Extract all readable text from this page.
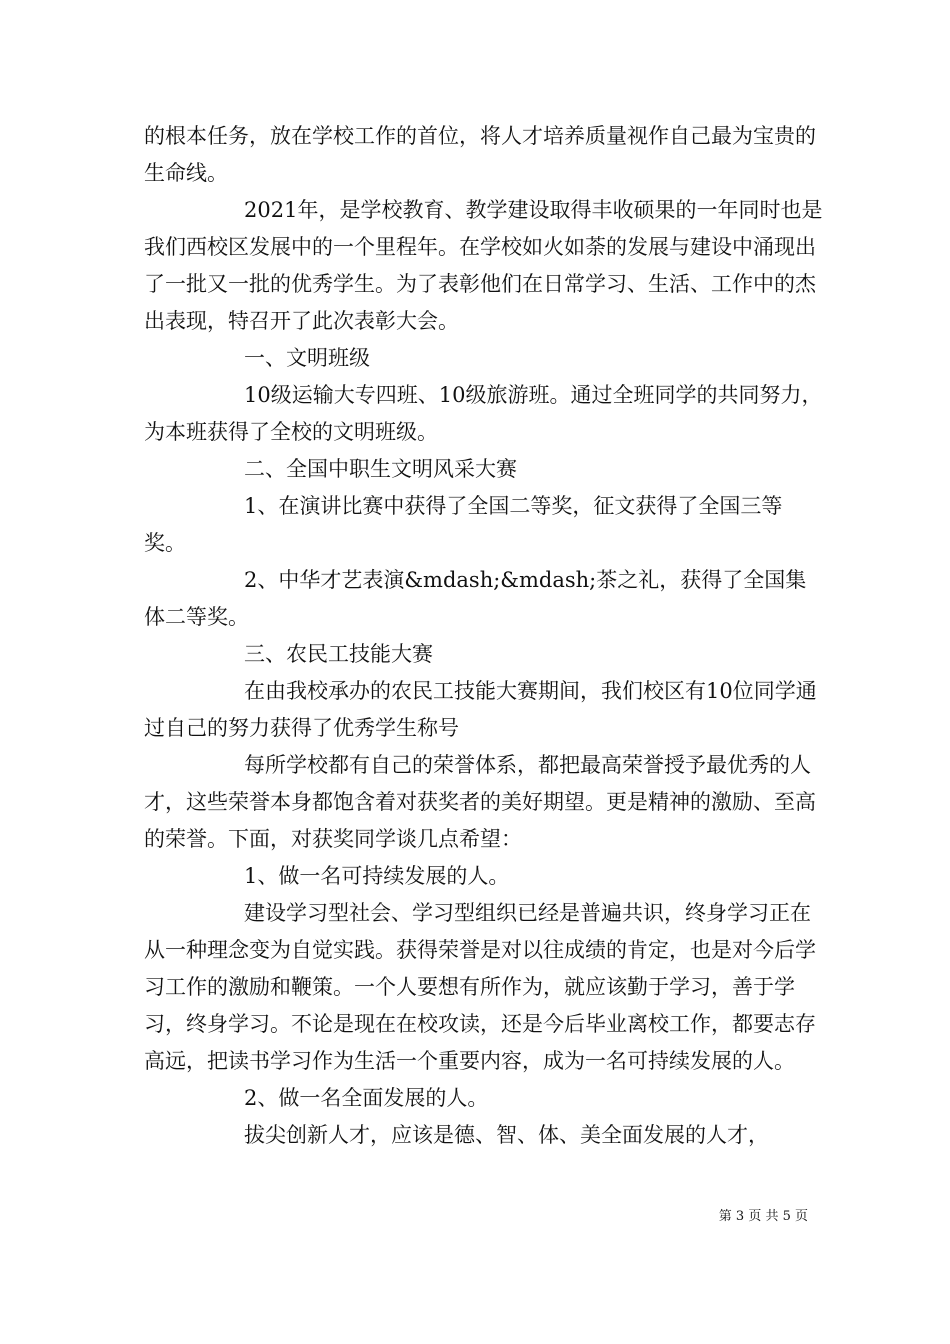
的根本任务，放在学校工作的首位，将人才培养质量视作自己最为宝贵的生命线。

2021年，是学校教育、教学建设取得丰收硕果的一年同时也是我们西校区发展中的一个里程年。在学校如火如荼的发展与建设中涌现出了一批又一批的优秀学生。为了表彰他们在日常学习、生活、工作中的杰出表现，特召开了此次表彰大会。

一、文明班级

10级运输大专四班、10级旅游班。通过全班同学的共同努力，为本班获得了全校的文明班级。

二、全国中职生文明风采大赛

1、在演讲比赛中获得了全国二等奖，征文获得了全国三等奖。

2、中华才艺表演&mdash;&mdash;茶之礼，获得了全国集体二等奖。

三、农民工技能大赛

在由我校承办的农民工技能大赛期间，我们校区有10位同学通过自己的努力获得了优秀学生称号

每所学校都有自己的荣誉体系，都把最高荣誉授予最优秀的人才，这些荣誉本身都饱含着对获奖者的美好期望。更是精神的激励、至高的荣誉。下面，对获奖同学谈几点希望：

1、做一名可持续发展的人。

建设学习型社会、学习型组织已经是普遍共识，终身学习正在从一种理念变为自觉实践。获得荣誉是对以往成绩的肯定，也是对今后学习工作的激励和鞭策。一个人要想有所作为，就应该勤于学习，善于学习，终身学习。不论是现在在校攻读，还是今后毕业离校工作，都要志存高远，把读书学习作为生活一个重要内容，成为一名可持续发展的人。

2、做一名全面发展的人。

拔尖创新人才，应该是德、智、体、美全面发展的人才，

第 3 页 共 5 页
